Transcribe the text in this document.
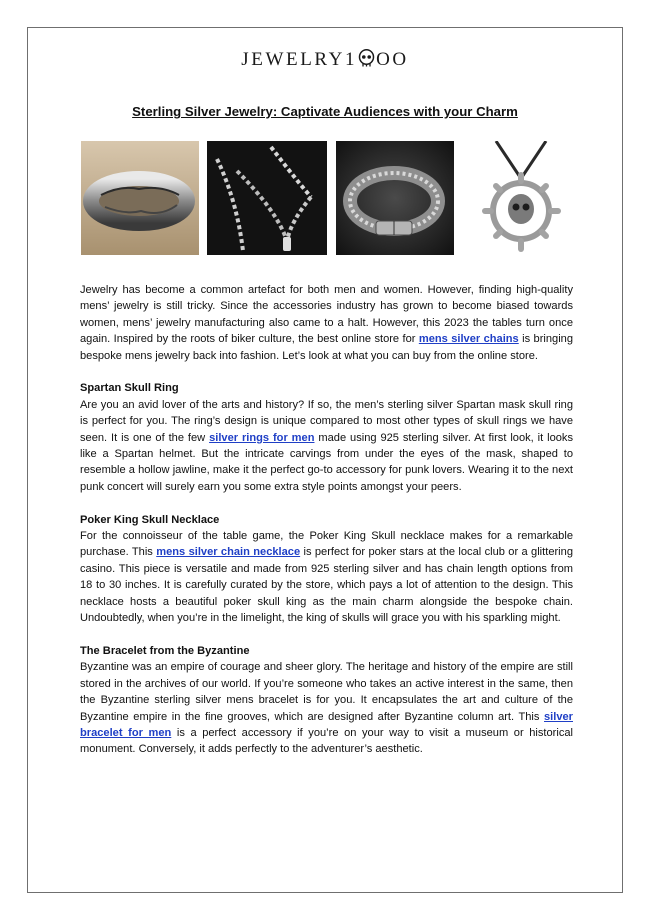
JEWELRY1 OO
Sterling Silver Jewelry: Captivate Audiences with your Charm

Jewelry has become a common artefact for both men and women. However, finding high-quality mens’ jewelry is still tricky. Since the accessories industry has grown to become biased towards women, mens’ jewelry manufacturing also came to a halt. However, this 2023 the tables turn once again. Inspired by the roots of biker culture, the best online store for mens silver chains is bringing bespoke mens jewelry back into fashion. Let’s look at what you can buy from the online store.

Spartan Skull Ring

Are you an avid lover of the arts and history? If so, the men’s sterling silver Spartan mask skull ring is perfect for you. The ring’s design is unique compared to most other types of skull rings we have seen. It is one of the few silver rings for men made using 925 sterling silver. At first look, it looks like a Spartan helmet. But the intricate carvings from under the eyes of the mask, shaped to resemble a hollow jawline, make it the perfect go-to accessory for punk lovers. Wearing it to the next punk concert will surely earn you some extra style points amongst your peers.

Poker King Skull Necklace

For the connoisseur of the table game, the Poker King Skull necklace makes for a remarkable purchase. This mens silver chain necklace is perfect for poker stars at the local club or a glittering casino. This piece is versatile and made from 925 sterling silver and has chain length options from 18 to 30 inches. It is carefully curated by the store, which pays a lot of attention to the design. This necklace hosts a beautiful poker skull king as the main charm alongside the bespoke chain. Undoubtedly, when you’re in the limelight, the king of skulls will grace you with his sparkling might.

The Bracelet from the Byzantine

Byzantine was an empire of courage and sheer glory. The heritage and history of the empire are still stored in the archives of our world. If you’re someone who takes an active interest in the same, then the Byzantine sterling silver mens bracelet is for you. It encapsulates the art and culture of the Byzantine empire in the fine grooves, which are designed after Byzantine column art. This silver bracelet for men is a perfect accessory if you’re on your way to visit a museum or historical monument. Conversely, it adds perfectly to the adventurer’s aesthetic.
